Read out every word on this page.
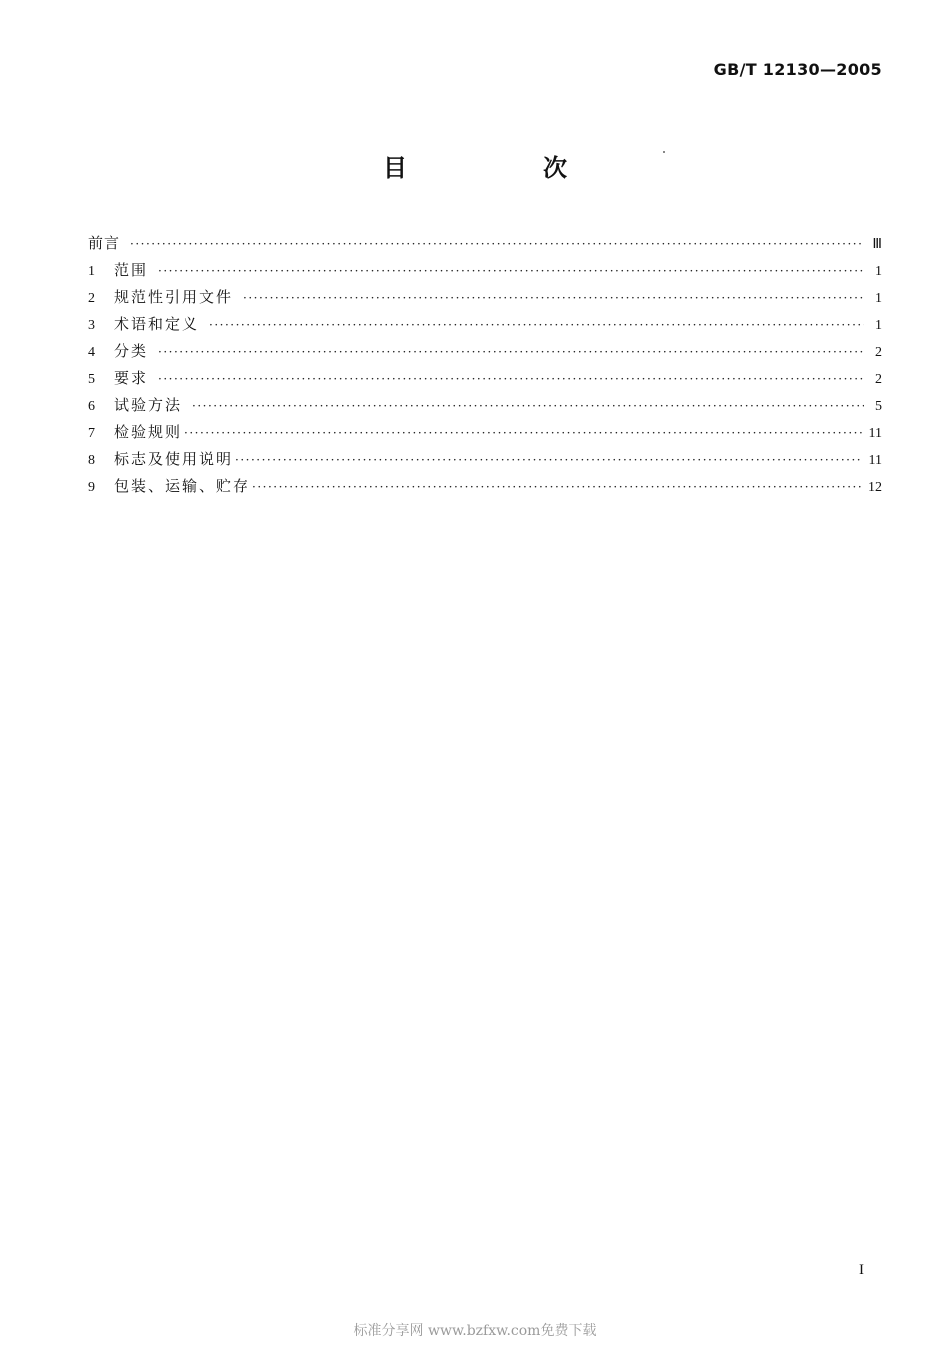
GB/T 12130—2005
目　次
前言 ·····	Ⅲ
1	范围 ·····	1
2	规范性引用文件 ·····	1
3	术语和定义 ·····	1
4	分类 ·····	2
5	要求 ·····	2
6	试验方法 ·····	5
7	检验规则 ·····	11
8	标志及使用说明 ·····	11
9	包装、运输、贮存 ·····	12
I
标准分享网 www.bzfxw.com免费下载
